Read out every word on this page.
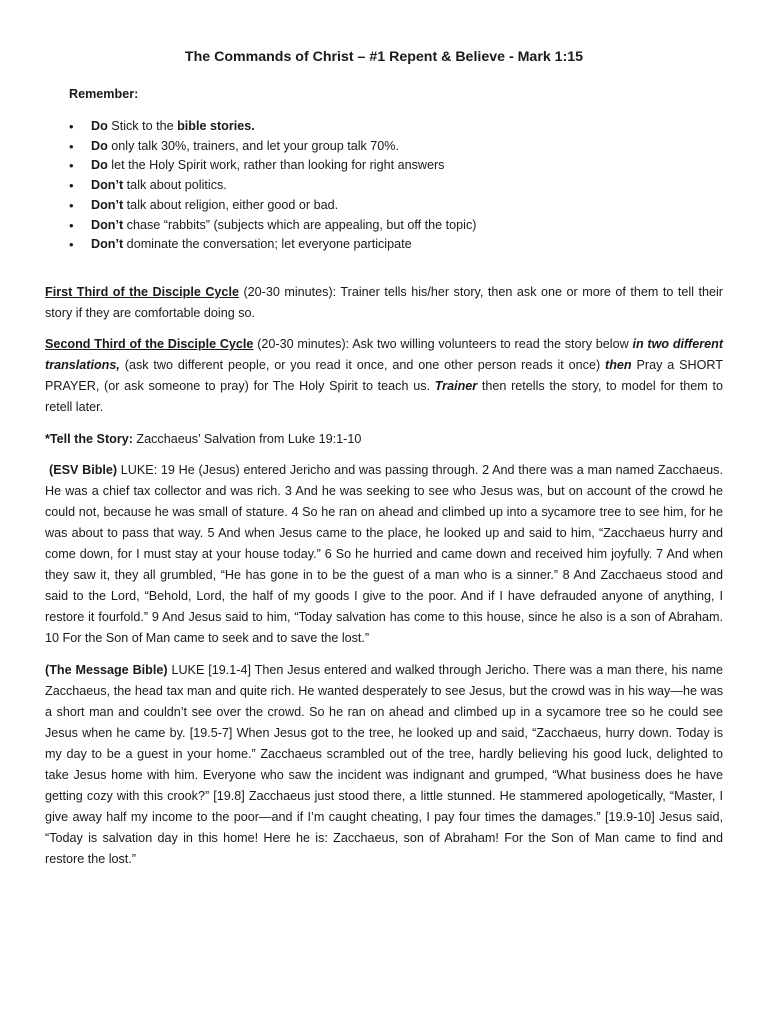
The Commands of Christ – #1 Repent & Believe - Mark 1:15
Remember:
• Do Stick to the bible stories.
• Do only talk 30%, trainers, and let your group talk 70%.
• Do let the Holy Spirit work, rather than looking for right answers
• Don’t talk about politics.
• Don’t talk about religion, either good or bad.
• Don’t chase “rabbits” (subjects which are appealing, but off the topic)
• Don’t dominate the conversation; let everyone participate

First Third of the Disciple Cycle (20-30 minutes): Trainer tells his/her story, then ask one or more of them to tell their story if they are comfortable doing so.

Second Third of the Disciple Cycle (20-30 minutes): Ask two willing volunteers to read the story below in two different translations, (ask two different people, or you read it once, and one other person reads it once) then Pray a SHORT PRAYER, (or ask someone to pray) for The Holy Spirit to teach us. Trainer then retells the story, to model for them to retell later.

*Tell the Story: Zacchaeus’ Salvation from Luke 19:1-10

(ESV Bible) LUKE: 19 He (Jesus) entered Jericho and was passing through. 2 And there was a man named Zacchaeus. He was a chief tax collector and was rich. 3 And he was seeking to see who Jesus was, but on account of the crowd he could not, because he was small of stature. 4 So he ran on ahead and climbed up into a sycamore tree to see him, for he was about to pass that way. 5 And when Jesus came to the place, he looked up and said to him, “Zacchaeus hurry and come down, for I must stay at your house today.” 6 So he hurried and came down and received him joyfully. 7 And when they saw it, they all grumbled, “He has gone in to be the guest of a man who is a sinner.” 8 And Zacchaeus stood and said to the Lord, “Behold, Lord, the half of my goods I give to the poor. And if I have defrauded anyone of anything, I restore it fourfold.” 9 And Jesus said to him, “Today salvation has come to this house, since he also is a son of Abraham. 10 For the Son of Man came to seek and to save the lost.”

(The Message Bible) LUKE [19.1-4] Then Jesus entered and walked through Jericho. There was a man there, his name Zacchaeus, the head tax man and quite rich. He wanted desperately to see Jesus, but the crowd was in his way—he was a short man and couldn’t see over the crowd. So he ran on ahead and climbed up in a sycamore tree so he could see Jesus when he came by. [19.5-7] When Jesus got to the tree, he looked up and said, “Zacchaeus, hurry down. Today is my day to be a guest in your home.” Zacchaeus scrambled out of the tree, hardly believing his good luck, delighted to take Jesus home with him. Everyone who saw the incident was indignant and grumped, “What business does he have getting cozy with this crook?” [19.8] Zacchaeus just stood there, a little stunned. He stammered apologetically, “Master, I give away half my income to the poor—and if I’m caught cheating, I pay four times the damages.” [19.9-10] Jesus said, “Today is salvation day in this home! Here he is: Zacchaeus, son of Abraham! For the Son of Man came to find and restore the lost.”
